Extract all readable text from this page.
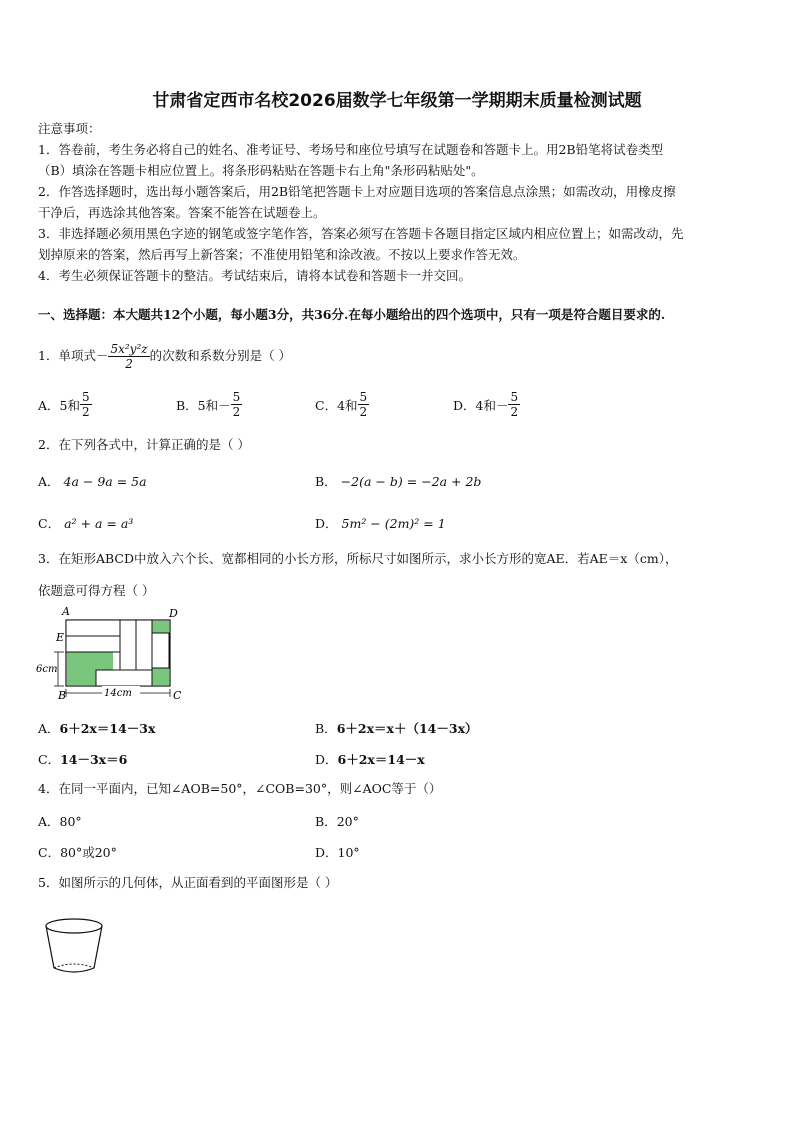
甘肃省定西市名校2026届数学七年级第一学期期末质量检测试题

注意事项：

1．答卷前，考生务必将自己的姓名、准考证号、考场号和座位号填写在试题卷和答题卡上。用2B铅笔将试卷类型

（B）填涂在答题卡相应位置上。将条形码粘贴在答题卡右上角"条形码粘贴处"。

2．作答选择题时，选出每小题答案后，用2B铅笔把答题卡上对应题目选项的答案信息点涂黑；如需改动，用橡皮擦

干净后，再选涂其他答案。答案不能答在试题卷上。

3．非选择题必须用黑色字迹的钢笔或签字笔作答，答案必须写在答题卡各题目指定区域内相应位置上；如需改动，先

划掉原来的答案，然后再写上新答案；不准使用铅笔和涂改液。不按以上要求作答无效。

4．考生必须保证答题卡的整洁。考试结束后，请将本试卷和答题卡一并交回。

一、选择题：本大题共12个小题，每小题3分，共36分.在每小题给出的四个选项中，只有一项是符合题目要求的.
1．单项式－ $\frac{\text{5x²y²z}}{2}$ 的次数和系数分别是（ ）
A．5和 $\frac{5}{2}$	B．5和－ $\frac{5}{2}$	C．4和 $\frac{5}{2}$	D．4和－ $\frac{5}{2}$
2．在下列各式中，计算正确的是（ ）
A． 4a − 9a = 5a	B． −2(a − b) = −2a + 2b
C． a² + a = a³	D． 5m² − (2m)² = 1
3．在矩形ABCD中放入六个长、宽都相同的小长方形，所标尺寸如图所示，求小长方形的宽AE．若AE＝x（cm），
依题意可得方程（ ）
A	D
E
B	C
6cm
14cm
A．6＋2x＝14－3x	B．6＋2x＝x＋（14－3x）
C．14－3x＝6	D．6＋2x＝14－x
4．在同一平面内，已知∠AOB=50°，∠COB=30°，则∠AOC等于（）
A．80°	B．20°
C．80°或20°	D．10°
5．如图所示的几何体，从正面看到的平面图形是（ ）
